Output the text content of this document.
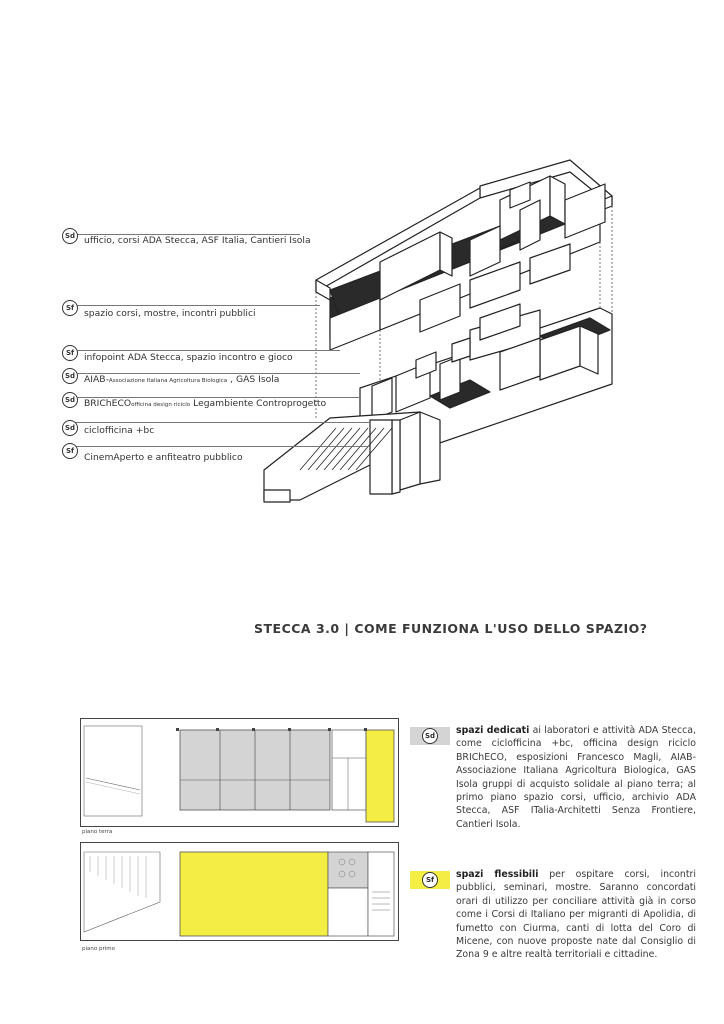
Sd ufficio, corsi ADA Stecca, ASF Italia, Cantieri Isola
Sf
spazio corsi, mostre, incontri pubblici
Sf	infopoint ADA Stecca, spazio incontro e gioco
Sd AIAB-Associazione Italiana Agricoltura Biologica , GAS Isola
Sd BRIChECOofficina design riciclo Legambiente Controprogetto
Sd ciclofficina +bc
Sf
CinemAperto e anfiteatro pubblico
STECCA 3.0 | COME FUNZIONA L'USO DELLO SPAZIO?
piano terra
piano primo
Sd	spazi dedicati ai laboratori e attività ADA Stecca, come ciclofficina +bc, officina design riciclo BRIChECO, esposizioni Francesco Magli, AIAB- Associazione Italiana Agricoltura Biologica, GAS Isola gruppi di acquisto solidale al piano terra; al primo piano spazio corsi, ufficio, archivio ADA Stecca, ASF ITalia-Architetti Senza Frontiere, Cantieri Isola.
Sf	spazi flessibili per ospitare corsi, incontri pubblici, seminari, mostre. Saranno concordati orari di utilizzo per conciliare attività già in corso come i Corsi di Italiano per migranti di Apolidia, di fumetto con Ciurma, canti di lotta del Coro di Micene, con nuove proposte nate dal Consiglio di Zona 9 e altre realtà territoriali e cittadine.
